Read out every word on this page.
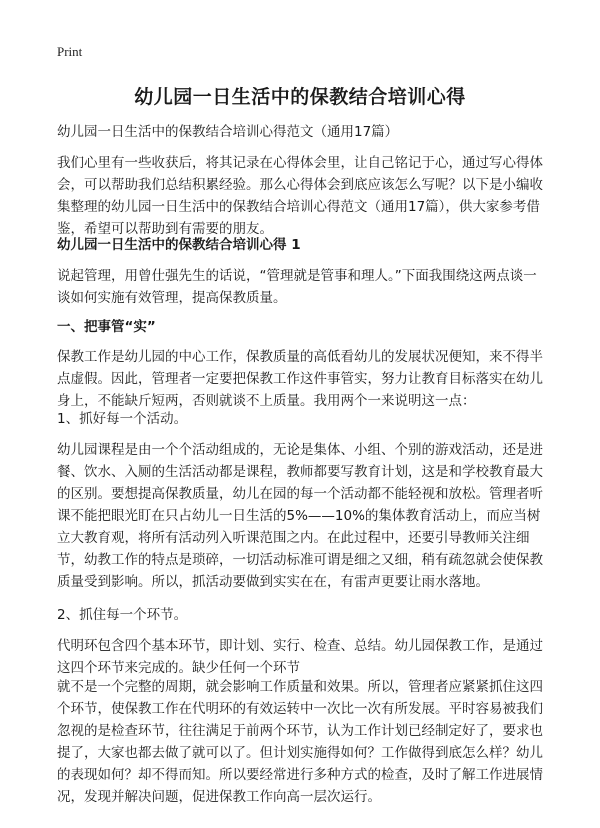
Print
幼儿园一日生活中的保教结合培训心得

幼儿园一日生活中的保教结合培训心得范文（通用17篇）

我们心里有一些收获后，将其记录在心得体会里，让自己铭记于心，通过写心得体会，可以帮助我们总结积累经验。那么心得体会到底应该怎么写呢？以下是小编收集整理的幼儿园一日生活中的保教结合培训心得范文（通用17篇），供大家参考借鉴，希望可以帮助到有需要的朋友。

幼儿园一日生活中的保教结合培训心得 1

说起管理，用曾仕强先生的话说，“管理就是管事和理人。”下面我围绕这两点谈一谈如何实施有效管理，提高保教质量。

一、把事管“实”

保教工作是幼儿园的中心工作，保教质量的高低看幼儿的发展状况便知，来不得半点虚假。因此，管理者一定要把保教工作这件事管实，努力让教育目标落实在幼儿身上，不能缺斤短两，否则就谈不上质量。我用两个一来说明这一点：

1、抓好每一个活动。

幼儿园课程是由一个个活动组成的，无论是集体、小组、个别的游戏活动，还是进餐、饮水、入厕的生活活动都是课程，教师都要写教育计划，这是和学校教育最大的区别。要想提高保教质量，幼儿在园的每一个活动都不能轻视和放松。管理者听课不能把眼光盯在只占幼儿一日生活的5%——10%的集体教育活动上，而应当树立大教育观，将所有活动列入听课范围之内。在此过程中，还要引导教师关注细节，幼教工作的特点是琐碎，一切活动标准可谓是细之又细，稍有疏忽就会使保教质量受到影响。所以，抓活动要做到实实在在，有雷声更要让雨水落地。

2、抓住每一个环节。

代明环包含四个基本环节，即计划、实行、检查、总结。幼儿园保教工作，是通过这四个环节来完成的。缺少任何一个环节

就不是一个完整的周期，就会影响工作质量和效果。所以，管理者应紧紧抓住这四个环节，使保教工作在代明环的有效运转中一次比一次有所发展。平时容易被我们忽视的是检查环节，往往满足于前两个环节，认为工作计划已经制定好了，要求也提了，大家也都去做了就可以了。但计划实施得如何？工作做得到底怎么样？幼儿的表现如何？却不得而知。所以要经常进行多种方式的检查，及时了解工作进展情况，发现并解决问题，促进保教工作向高一层次运行。
